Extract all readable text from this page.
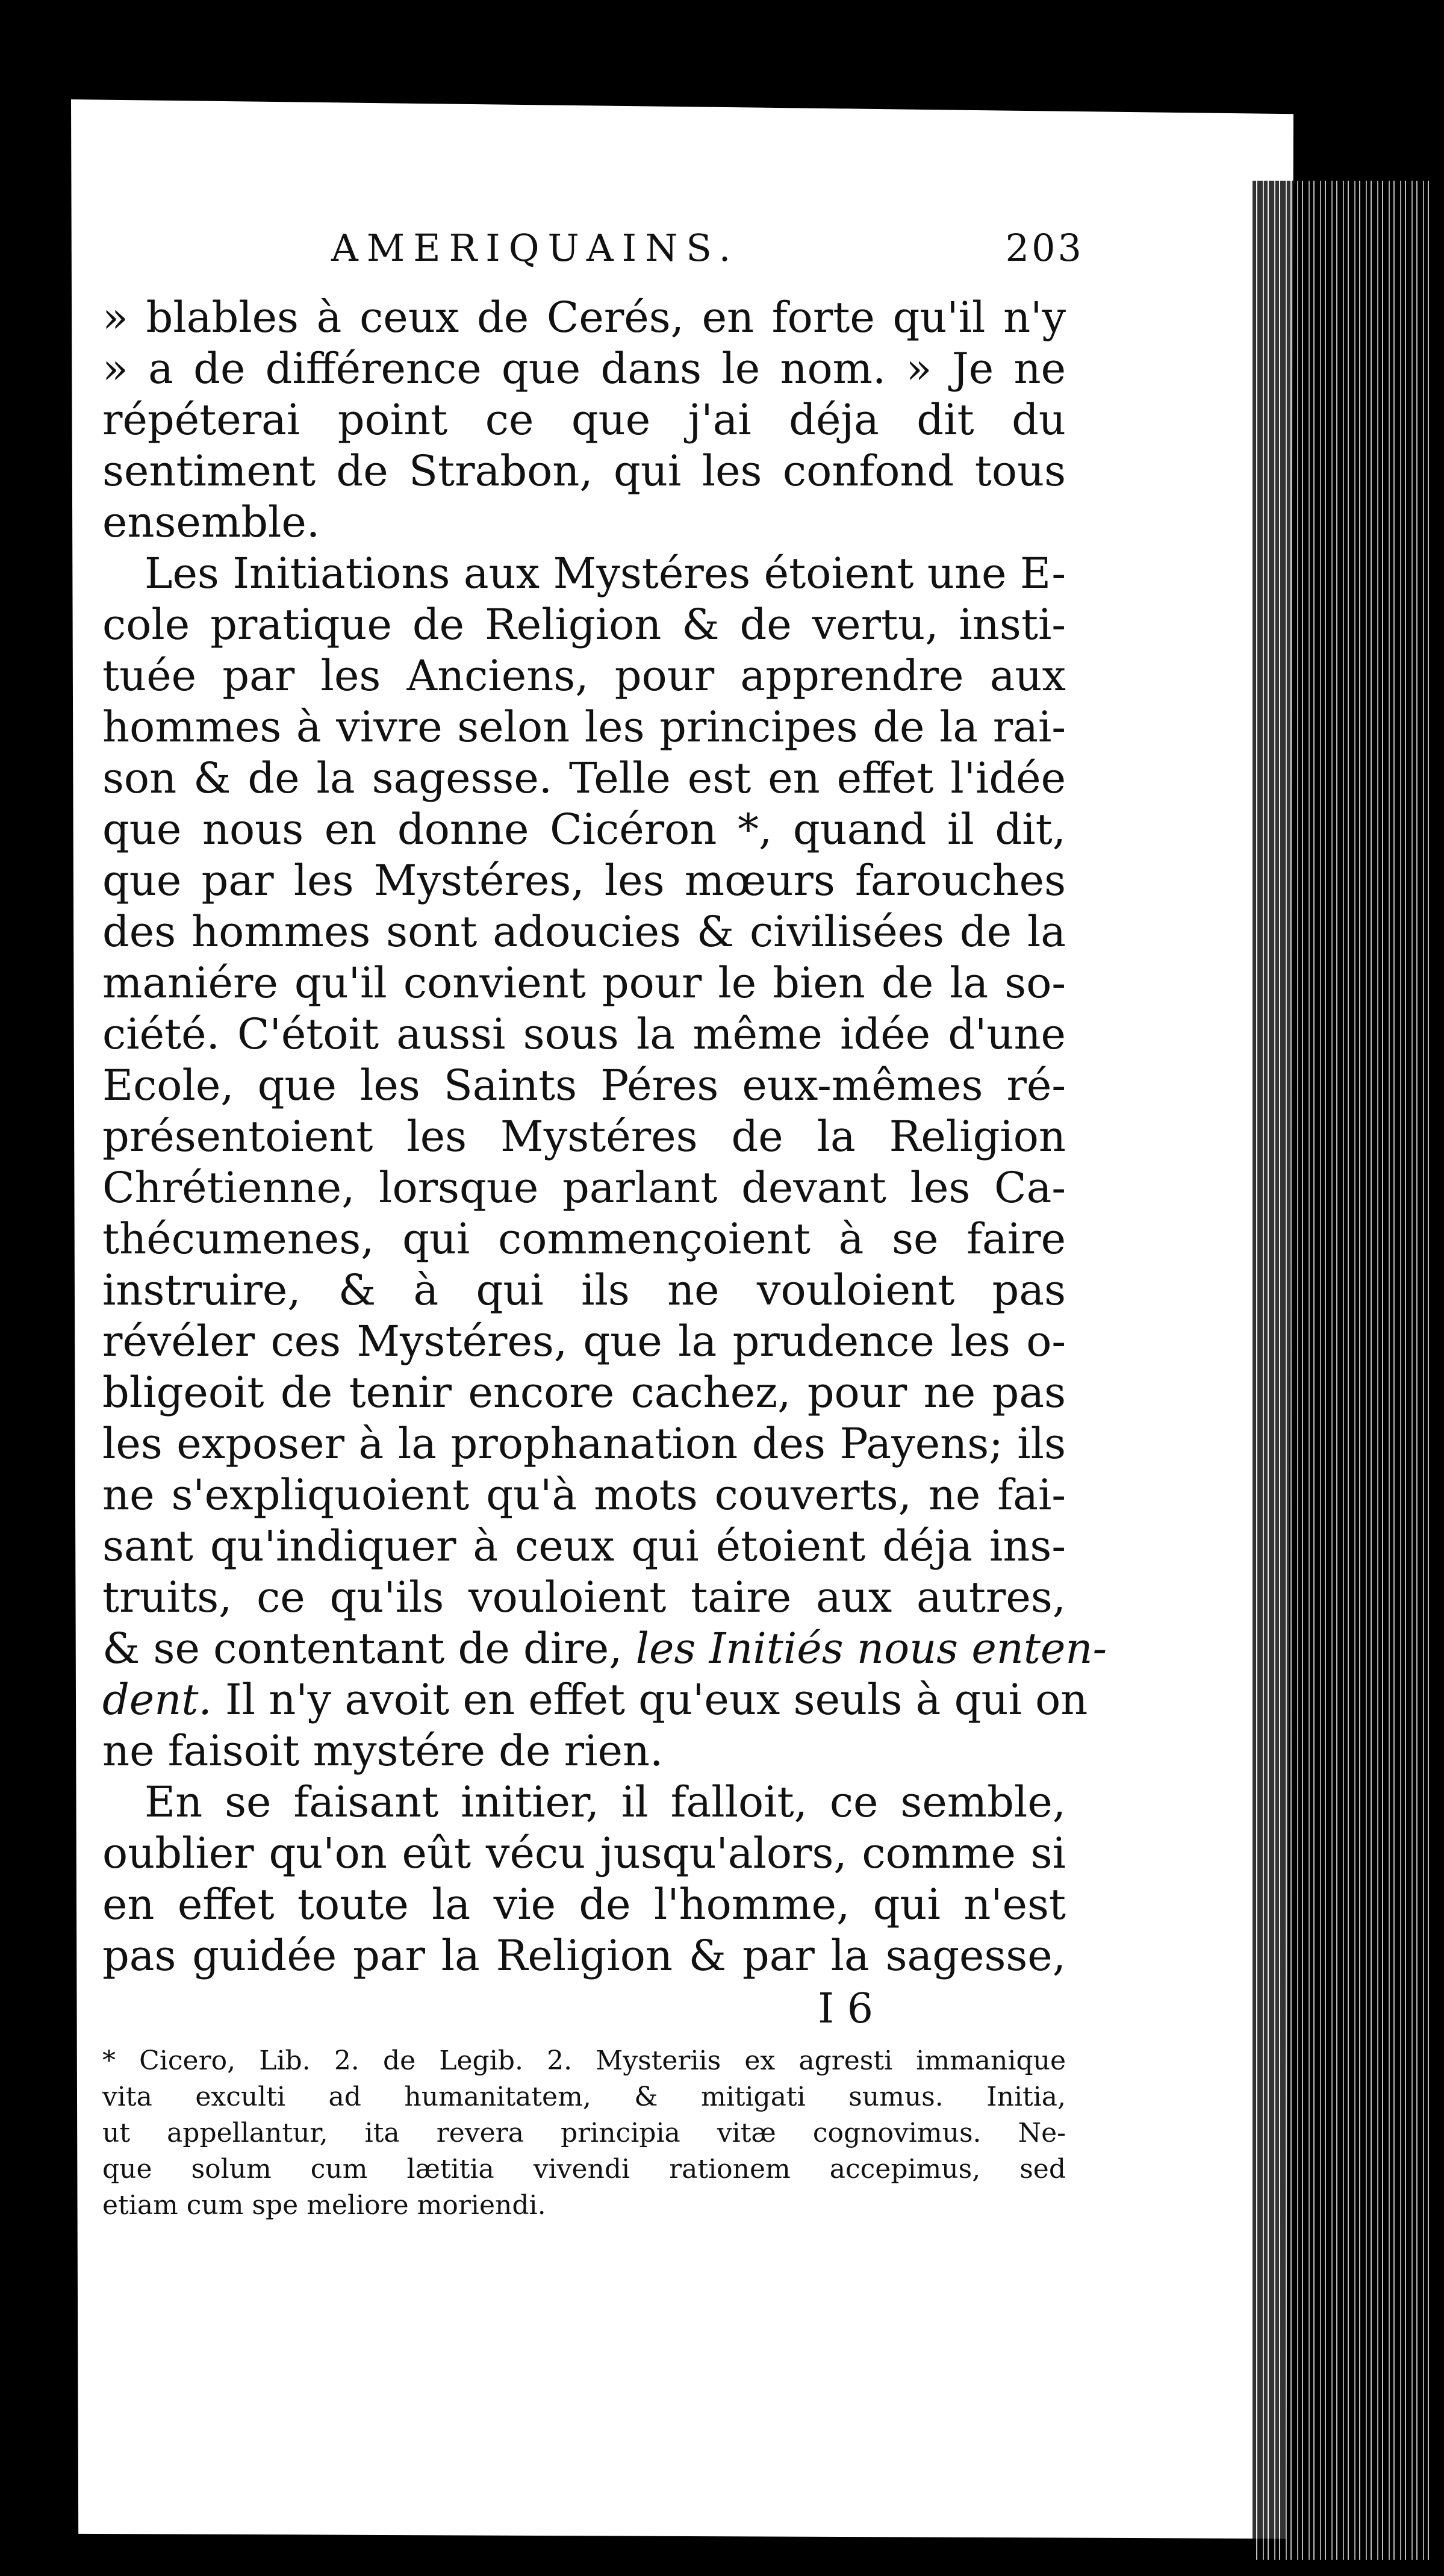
AMERIQUAINS.	203
» blables à ceux de Cerés, en forte qu'il n'y
» a de différence que dans le nom. » Je ne
répéterai point ce que j'ai déja dit du
sentiment de Strabon, qui les confond tous
ensemble.
Les Initiations aux Mystéres étoient une E-
cole pratique de Religion & de vertu, insti-
tuée par les Anciens, pour apprendre aux
hommes à vivre selon les principes de la rai-
son & de la sagesse. Telle est en effet l'idée
que nous en donne Cicéron *, quand il dit,
que par les Mystéres, les mœurs farouches
des hommes sont adoucies & civilisées de la
maniére qu'il convient pour le bien de la so-
ciété. C'étoit aussi sous la même idée d'une
Ecole, que les Saints Péres eux-mêmes ré-
présentoient les Mystéres de la Religion
Chrétienne, lorsque parlant devant les Ca-
thécumenes, qui commençoient à se faire
instruire, & à qui ils ne vouloient pas
révéler ces Mystéres, que la prudence les o-
bligeoit de tenir encore cachez, pour ne pas
les exposer à la prophanation des Payens; ils
ne s'expliquoient qu'à mots couverts, ne fai-
sant qu'indiquer à ceux qui étoient déja ins-
truits, ce qu'ils vouloient taire aux autres,
& se contentant de dire, les Initiés nous enten-
dent. Il n'y avoit en effet qu'eux seuls à qui on
ne faisoit mystére de rien.
En se faisant initier, il falloit, ce semble,
oublier qu'on eût vécu jusqu'alors, comme si
en effet toute la vie de l'homme, qui n'est
pas guidée par la Religion & par la sagesse,
I 6
* Cicero, Lib. 2. de Legib. 2. Mysteriis ex agresti immanique
vita exculti ad humanitatem, & mitigati sumus. Initia,
ut appellantur, ita revera principia vitæ cognovimus. Ne-
que solum cum lætitia vivendi rationem accepimus, sed
etiam cum spe meliore moriendi.
